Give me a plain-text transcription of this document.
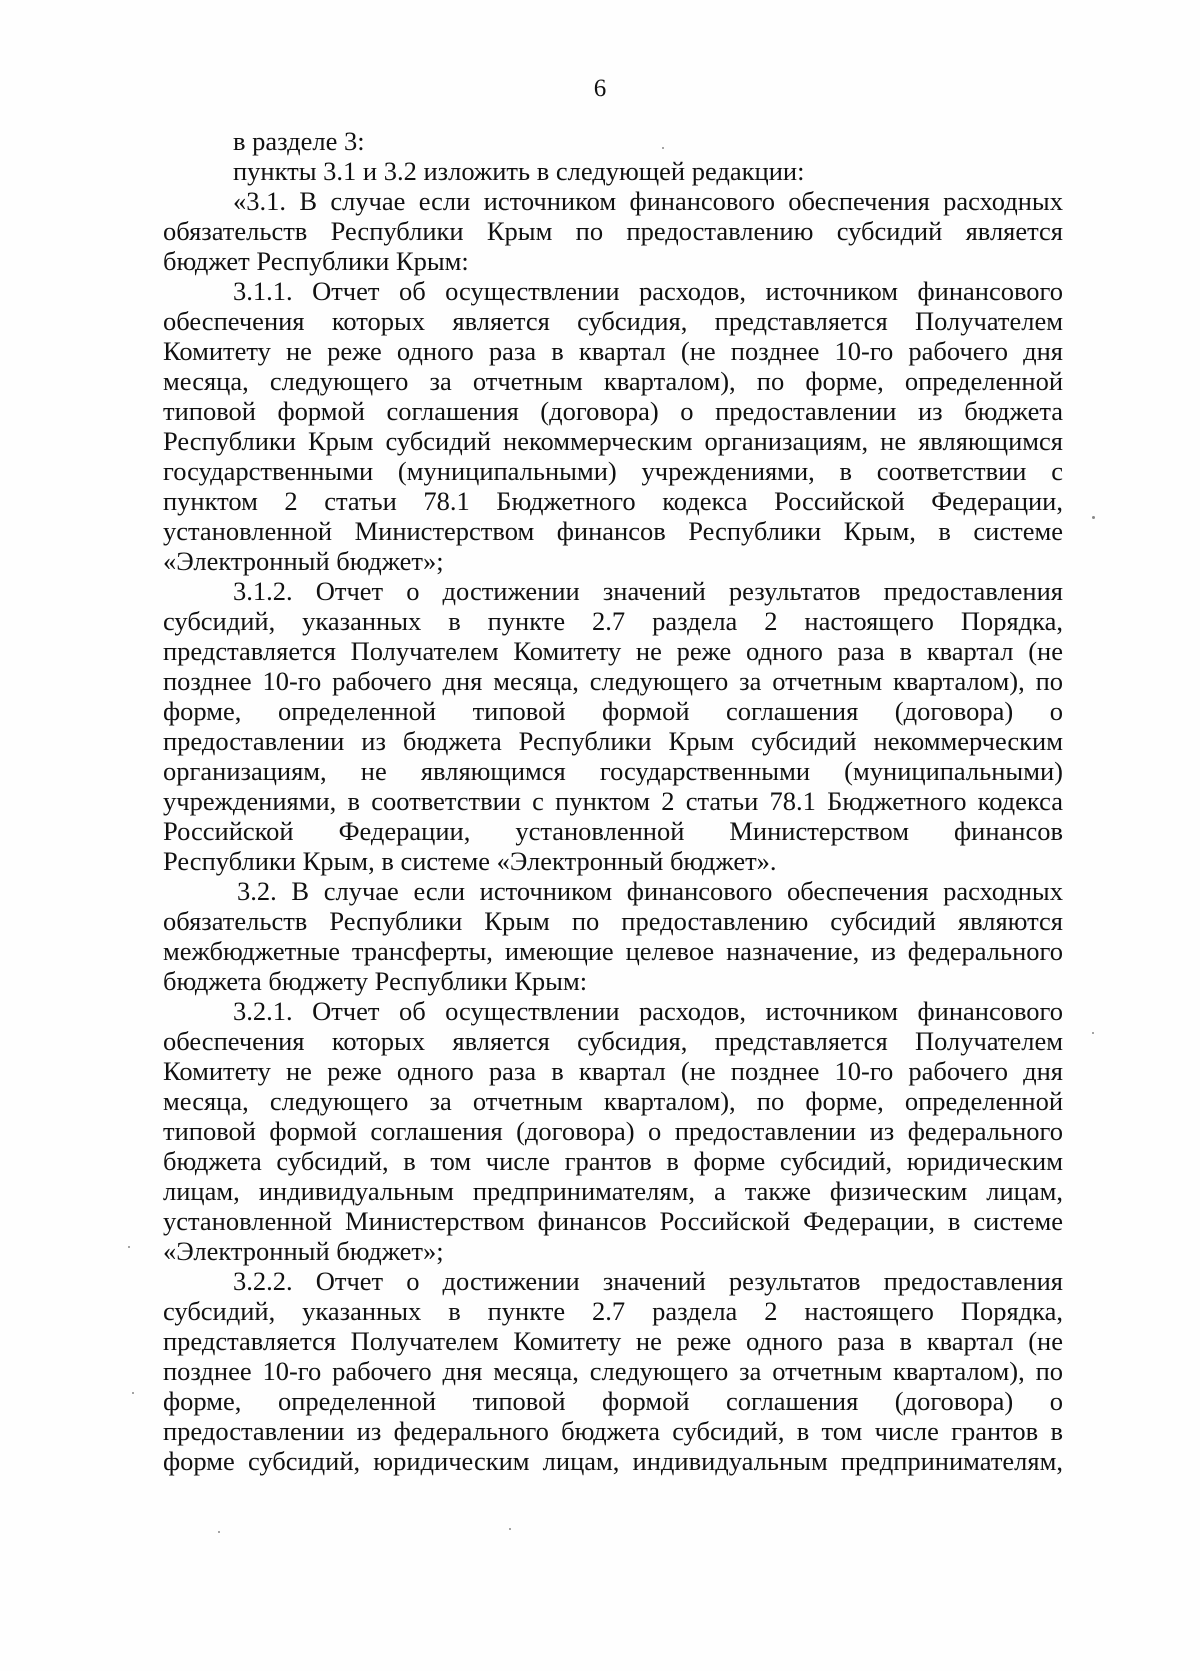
6
в разделе 3:
пункты 3.1 и 3.2 изложить в следующей редакции:
«3.1. В случае если источником финансового обеспечения расходных
обязательств Республики Крым по предоставлению субсидий является
бюджет Республики Крым:
3.1.1. Отчет об осуществлении расходов, источником финансового
обеспечения которых является субсидия, представляется Получателем
Комитету не реже одного раза в квартал (не позднее 10-го рабочего дня
месяца, следующего за отчетным кварталом), по форме, определенной
типовой формой соглашения (договора) о предоставлении из бюджета
Республики Крым субсидий некоммерческим организациям, не являющимся
государственными (муниципальными) учреждениями, в соответствии с
пунктом 2 статьи 78.1 Бюджетного кодекса Российской Федерации,
установленной Министерством финансов Республики Крым, в системе
«Электронный бюджет»;
3.1.2. Отчет о достижении значений результатов предоставления
субсидий, указанных в пункте 2.7 раздела 2 настоящего Порядка,
представляется Получателем Комитету не реже одного раза в квартал (не
позднее 10-го рабочего дня месяца, следующего за отчетным кварталом), по
форме, определенной типовой формой соглашения (договора) о
предоставлении из бюджета Республики Крым субсидий некоммерческим
организациям, не являющимся государственными (муниципальными)
учреждениями, в соответствии с пунктом 2 статьи 78.1 Бюджетного кодекса
Российской Федерации, установленной Министерством финансов
Республики Крым, в системе «Электронный бюджет».
3.2. В случае если источником финансового обеспечения расходных
обязательств Республики Крым по предоставлению субсидий являются
межбюджетные трансферты, имеющие целевое назначение, из федерального
бюджета бюджету Республики Крым:
3.2.1. Отчет об осуществлении расходов, источником финансового
обеспечения которых является субсидия, представляется Получателем
Комитету не реже одного раза в квартал (не позднее 10-го рабочего дня
месяца, следующего за отчетным кварталом), по форме, определенной
типовой формой соглашения (договора) о предоставлении из федерального
бюджета субсидий, в том числе грантов в форме субсидий, юридическим
лицам, индивидуальным предпринимателям, а также физическим лицам,
установленной Министерством финансов Российской Федерации, в системе
«Электронный бюджет»;
3.2.2. Отчет о достижении значений результатов предоставления
субсидий, указанных в пункте 2.7 раздела 2 настоящего Порядка,
представляется Получателем Комитету не реже одного раза в квартал (не
позднее 10-го рабочего дня месяца, следующего за отчетным кварталом), по
форме, определенной типовой формой соглашения (договора) о
предоставлении из федерального бюджета субсидий, в том числе грантов в
форме субсидий, юридическим лицам, индивидуальным предпринимателям,
